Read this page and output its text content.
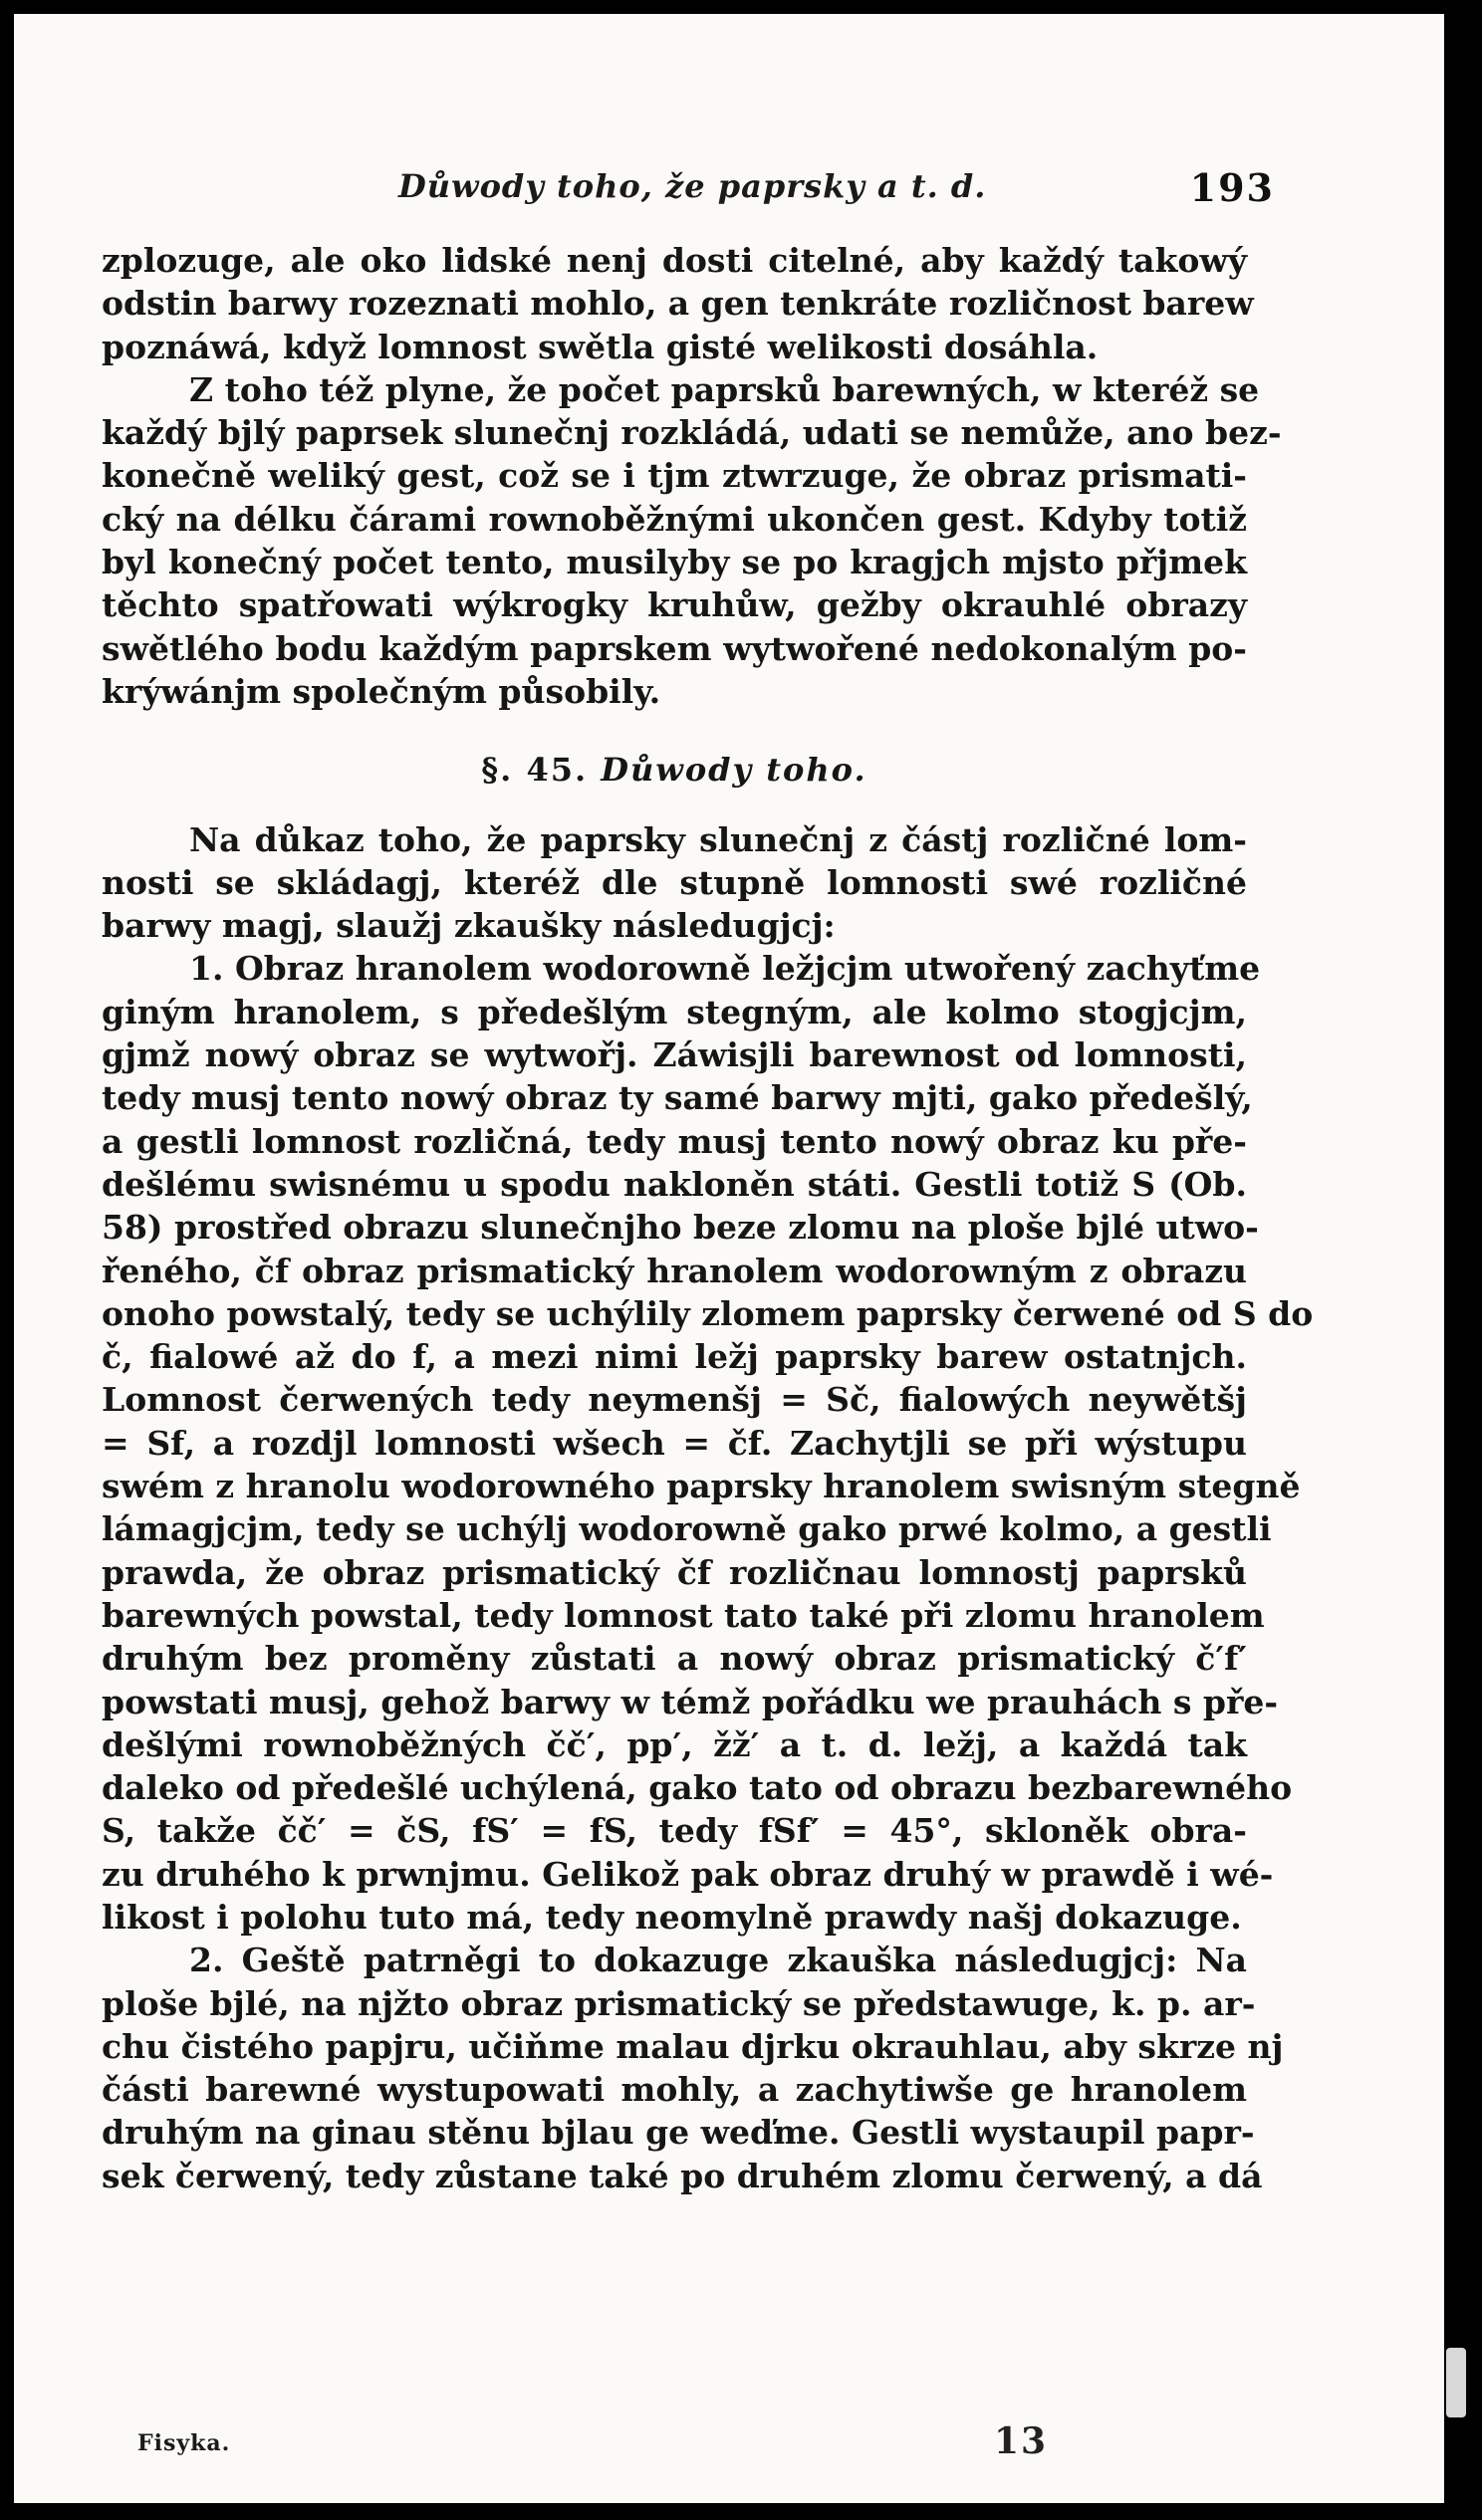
Důwody toho, že paprsky a t. d.	193

zplozuge, ale oko lidské nenj dosti citelné, aby každý takowý
odstin barwy rozeznati mohlo, a gen tenkráte rozličnost barew
poznáwá, když lomnost swětla gisté welikosti dosáhla.

Z toho též plyne, že počet paprsků barewných, w kteréž se
každý bjlý paprsek slunečnj rozkládá, udati se nemůže, ano bez-
konečně weliký gest, což se i tjm ztwrzuge, že obraz prismati-
cký na délku čárami rownoběžnými ukončen gest. Kdyby totiž
byl konečný počet tento, musilyby se po kragjch mjsto přjmek
těchto spatřowati wýkrogky kruhůw, gežby okrauhlé obrazy
swětlého bodu každým paprskem wytwořené nedokonalým po-
krýwánjm společným působily.

§. 45. Důwody toho.

Na důkaz toho, že paprsky slunečnj z částj rozličné lom-
nosti se skládagj, kteréž dle stupně lomnosti swé rozličné
barwy magj, slaužj zkaušky následugjcj:

1. Obraz hranolem wodorowně ležjcjm utwořený zachyťme
giným hranolem, s předešlým stegným, ale kolmo stogjcjm,
gjmž nowý obraz se wytwořj. Záwisjli barewnost od lomnosti,
tedy musj tento nowý obraz ty samé barwy mjti, gako předešlý,
a gestli lomnost rozličná, tedy musj tento nowý obraz ku pře-
dešlému swisnému u spodu nakloněn státi. Gestli totiž S (Ob.
58) prostřed obrazu slunečnjho beze zlomu na ploše bjlé utwo-
řeného, čf obraz prismatický hranolem wodorowným z obrazu
onoho powstalý, tedy se uchýlily zlomem paprsky čerwené od S do
č, fialowé až do f, a mezi nimi ležj paprsky barew ostatnjch.
Lomnost čerwených tedy neymenšj = Sč, fialowých neywětšj
= Sf, a rozdjl lomnosti wšech = čf. Zachytjli se při wýstupu
swém z hranolu wodorowného paprsky hranolem swisným stegně
lámagjcjm, tedy se uchýlj wodorowně gako prwé kolmo, a gestli
prawda, že obraz prismatický čf rozličnau lomnostj paprsků
barewných powstal, tedy lomnost tato také při zlomu hranolem
druhým bez proměny zůstati a nowý obraz prismatický č′f′
powstati musj, gehož barwy w témž pořádku we prauhách s pře-
dešlými rownoběžných čč′, pp′, žž′ a t. d. ležj, a každá tak
daleko od předešlé uchýlená, gako tato od obrazu bezbarewného
S, takže čč′ = čS, fS′ = fS, tedy fSf′ = 45°, skloněk obra-
zu druhého k prwnjmu. Gelikož pak obraz druhý w prawdě i wé-
likost i polohu tuto má, tedy neomylně prawdy našj dokazuge.

2. Geště patrněgi to dokazuge zkauška následugjcj: Na
ploše bjlé, na njžto obraz prismatický se předstawuge, k. p. ar-
chu čistého papjru, učiňme malau djrku okrauhlau, aby skrze nj
části barewné wystupowati mohly, a zachytiwše ge hranolem
druhým na ginau stěnu bjlau ge weďme. Gestli wystaupil papr-
sek čerwený, tedy zůstane také po druhém zlomu čerwený, a dá

Fisyka.	13
